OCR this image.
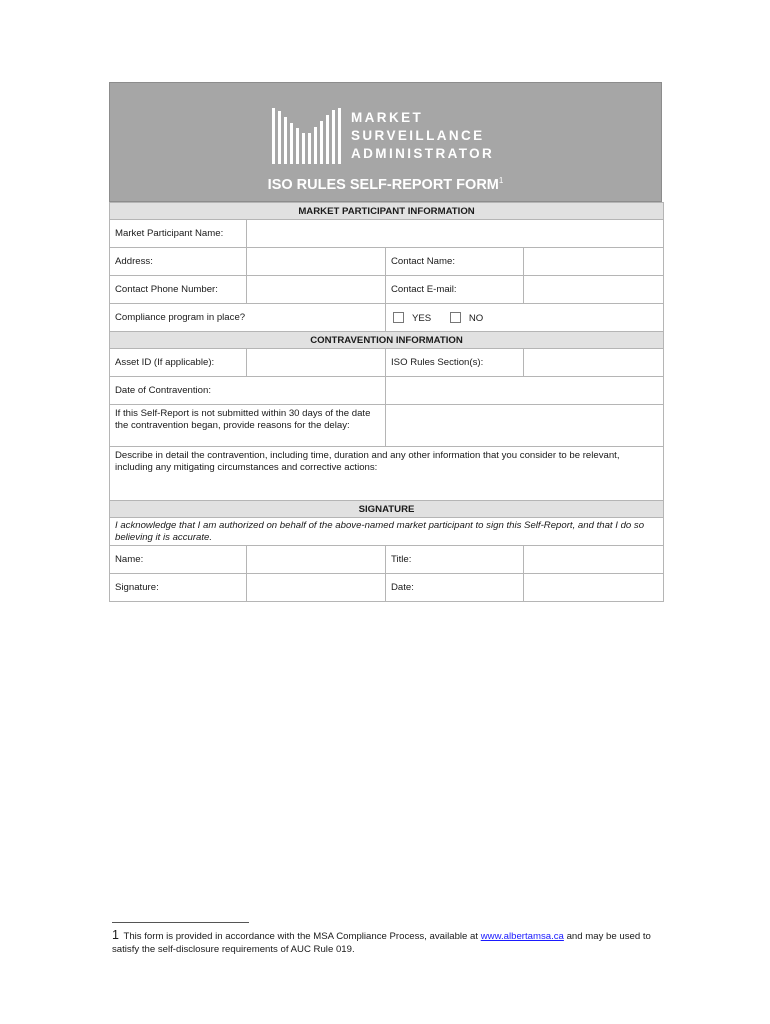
MARKET
SURVEILLANCE
ADMINISTRATOR
ISO RULES SELF-REPORT FORM$^1$
MARKET PARTICIPANT INFORMATION			
Market Participant Name:			
Address:		Contact Name:	
Contact Phone Number:		Contact E-mail:	
Compliance program in place?		YES NO	
CONTRAVENTION INFORMATION			
Asset ID (If applicable):		ISO Rules Section(s):	
Date of Contravention:			
If this Self-Report is not submitted within 30 days of the date the contravention began, provide reasons for the delay:			
Describe in detail the contravention, including time, duration and any other information that you consider to be relevant, including any mitigating circumstances and corrective actions:			
SIGNATURE			
I acknowledge that I am authorized on behalf of the above-named market participant to sign this Self-Report, and that I do so believing it is accurate.			
Name:		Title:	
Signature:		Date:	
1 This form is provided in accordance with the MSA Compliance Process, available at www.albertamsa.ca and may be used to satisfy the self-disclosure requirements of AUC Rule 019.
